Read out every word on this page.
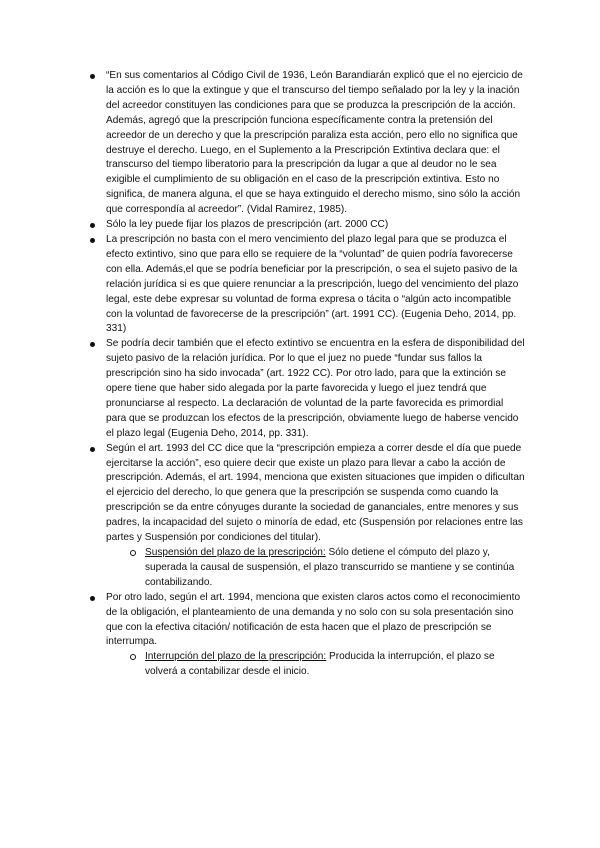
“En sus comentarios al Código Civil de 1936, León Barandiarán explicó que el no ejercicio de la acción es lo que la extingue y que el transcurso del tiempo señalado por la ley y la inación del acreedor constituyen las condiciones para que se produzca la prescripción de la acción. Además, agregó que la prescripción funciona específicamente contra la pretensión del acreedor de un derecho y que la prescripción paraliza esta acción, pero ello no significa que destruye el derecho. Luego, en el Suplemento a la Prescripción Extintiva declara que: el transcurso del tiempo liberatorio para la prescripción da lugar a que al deudor no le sea exigible el cumplimiento de su obligación en el caso de la prescripción extintiva. Esto no significa, de manera alguna, el que se haya extinguido el derecho mismo, sino sólo la acción que correspondía al acreedor”. (Vidal Ramirez, 1985).
Sólo la ley puede fijar los plazos de prescripción (art. 2000 CC)
La prescripción no basta con el mero vencimiento del plazo legal para que se produzca el efecto extintivo, sino que para ello se requiere de la “voluntad” de quien podría favorecerse con ella. Además,el que se podría beneficiar por la prescripción, o sea el sujeto pasivo de la relación jurídica si es que quiere renunciar a la prescripción, luego del vencimiento del plazo legal, este debe expresar su voluntad de forma expresa o tácita o “algún acto incompatible con la voluntad de favorecerse de la prescripción” (art. 1991 CC). (Eugenia Deho, 2014, pp. 331)
Se podría decir también que el efecto extintivo se encuentra en la esfera de disponibilidad del sujeto pasivo de la relación jurídica. Por lo que el juez no puede “fundar sus fallos la prescripción sino ha sido invocada” (art. 1922 CC). Por otro lado, para que la extinción se opere tiene que haber sido alegada por la parte favorecida y luego el juez tendrá que pronunciarse al respecto. La declaración de voluntad de la parte favorecida es primordial para que se produzcan los efectos de la prescripción, obviamente luego de haberse vencido el plazo legal (Eugenia Deho, 2014, pp. 331).
Según el art. 1993 del CC dice que la “prescripción empieza a correr desde el día que puede ejercitarse la acción”, eso quiere decir que existe un plazo para llevar a cabo la acción de prescripción. Además, el art. 1994, menciona que existen situaciones que impiden o dificultan el ejercicio del derecho, lo que genera que la prescripción se suspenda como cuando la prescripción se da entre cónyuges durante la sociedad de gananciales, entre menores y sus padres, la incapacidad del sujeto o minoría de edad, etc (Suspensión por relaciones entre las partes y Suspensión por condiciones del titular).
Suspensión del plazo de la prescripción: Sólo detiene el cómputo del plazo y, superada la causal de suspensión, el plazo transcurrido se mantiene y se continúa contabilizando.
Por otro lado, según el art. 1994, menciona que existen claros actos como el reconocimiento de la obligación, el planteamiento de una demanda y no solo con su sola presentación sino que con la efectiva citación/ notificación de esta hacen que el plazo de prescripción se interrumpa.
Interrupción del plazo de la prescripción: Producida la interrupción, el plazo se volverá a contabilizar desde el inicio.
